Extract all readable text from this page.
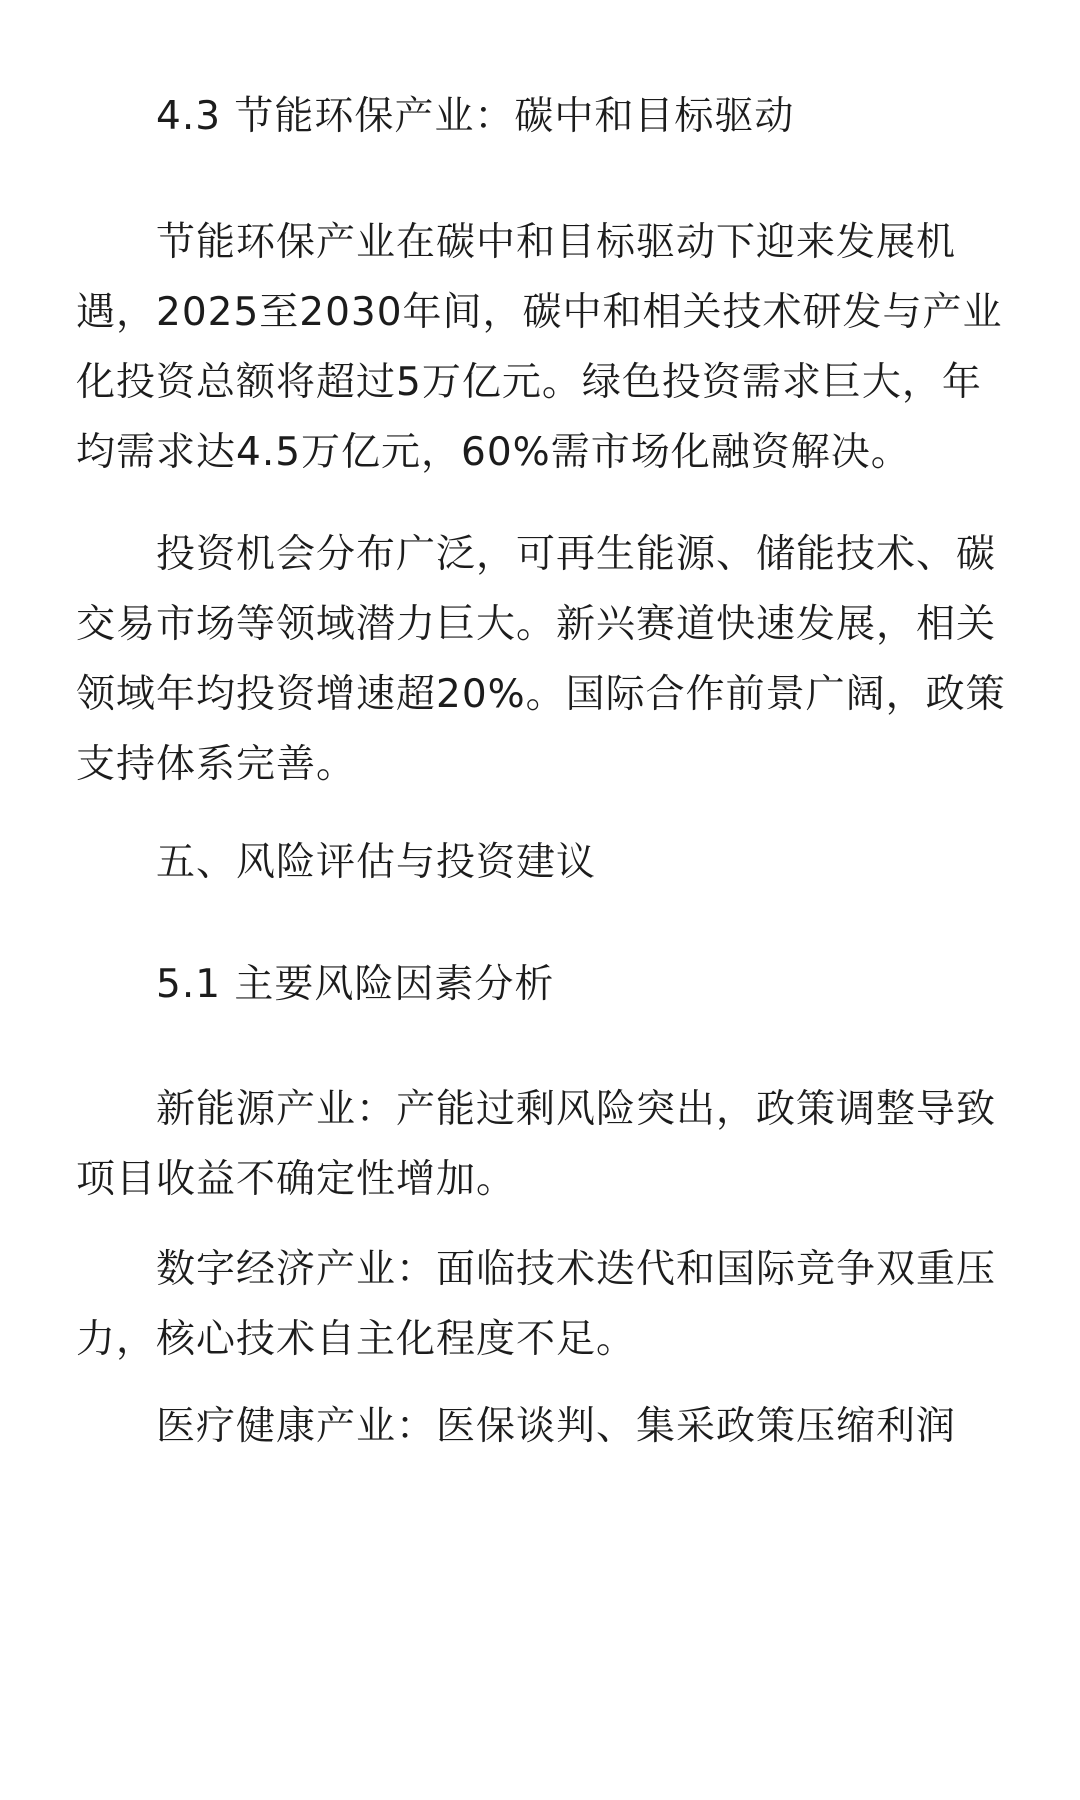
4.3 节能环保产业：碳中和目标驱动

节能环保产业在碳中和目标驱动下迎来发展机遇，2025至2030年间，碳中和相关技术研发与产业化投资总额将超过5万亿元。绿色投资需求巨大，年均需求达4.5万亿元，60%需市场化融资解决。

投资机会分布广泛，可再生能源、储能技术、碳交易市场等领域潜力巨大。新兴赛道快速发展，相关领域年均投资增速超20%。国际合作前景广阔，政策支持体系完善。

五、风险评估与投资建议
5.1 主要风险因素分析

新能源产业：产能过剩风险突出，政策调整导致项目收益不确定性增加。

数字经济产业：面临技术迭代和国际竞争双重压力，核心技术自主化程度不足。

医疗健康产业：医保谈判、集采政策压缩利润
